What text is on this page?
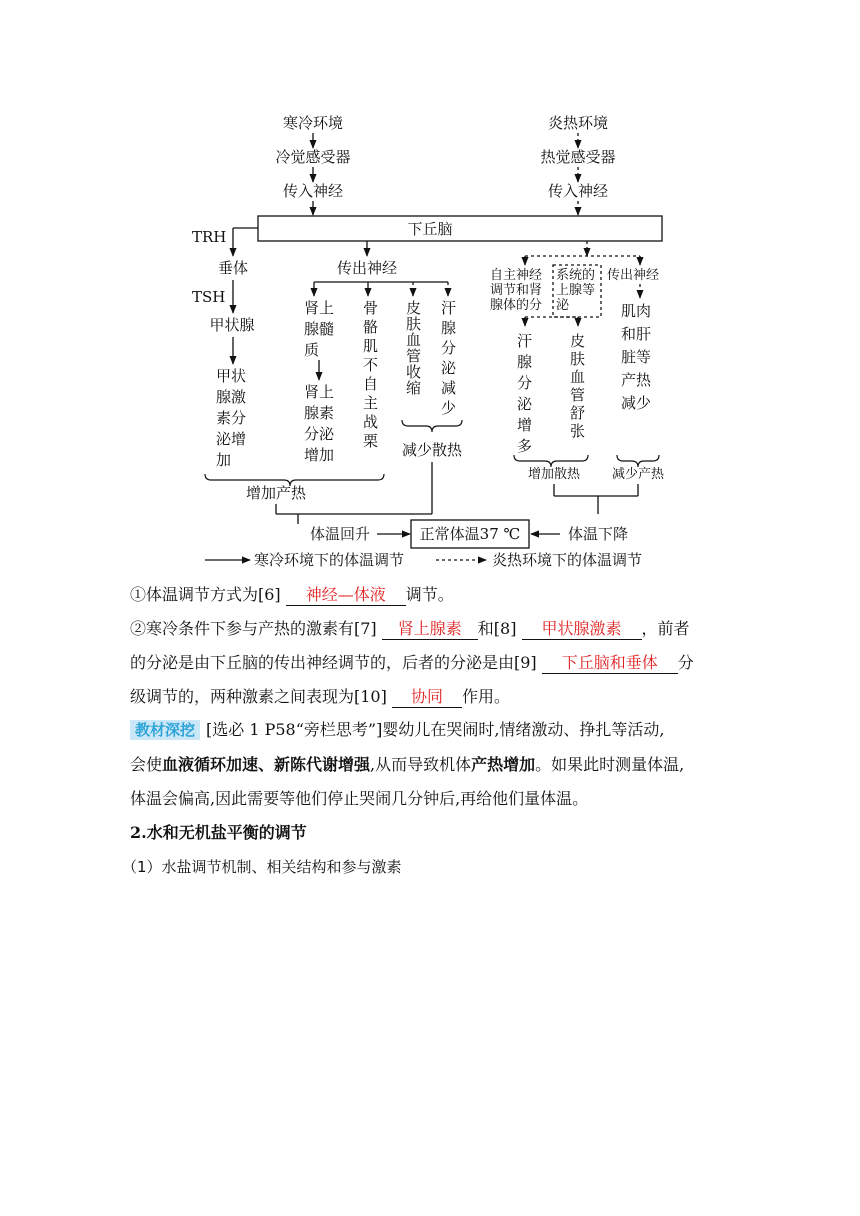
寒冷环境
冷觉感受器
传入神经
炎热环境
热觉感受器
传入神经
下丘脑
TRH
垂体
TSH
甲状腺
甲状
腺激
素分
泌增
加
传出神经
肾上
腺髓
质
肾上
腺素
分泌
增加
骨
骼
肌
不
自
主
战
栗
皮
肤
血
管
收
缩
汗
腺
分
泌
减
少
减少散热
增加产热
自主神经
调节和肾
腺体的分
系统的
上腺等
泌
传出神经
汗
腺
分
泌
增
多
皮
肤
血
管
舒
张
肌肉
和肝
脏等
产热
减少
增加散热 减少产热
体温回升	正常体温37 ℃	体温下降
寒冷环境下的体温调节	炎热环境下的体温调节
①体温调节方式为[6] 神经—体液 调节。
②寒冷条件下参与产热的激素有[7] 肾上腺素 和[8] 甲状腺激素 ，前者
的分泌是由下丘脑的传出神经调节的，后者的分泌是由[9] 下丘脑和垂体 分
级调节的，两种激素之间表现为[10] 协同 作用。
教材深挖 [选必 1 P58“旁栏思考”]婴幼儿在哭闹时,情绪激动、挣扎等活动,
会使血液循环加速、新陈代谢增强,从而导致机体产热增加。如果此时测量体温,
体温会偏高,因此需要等他们停止哭闹几分钟后,再给他们量体温。
2.水和无机盐平衡的调节
（1）水盐调节机制、相关结构和参与激素
